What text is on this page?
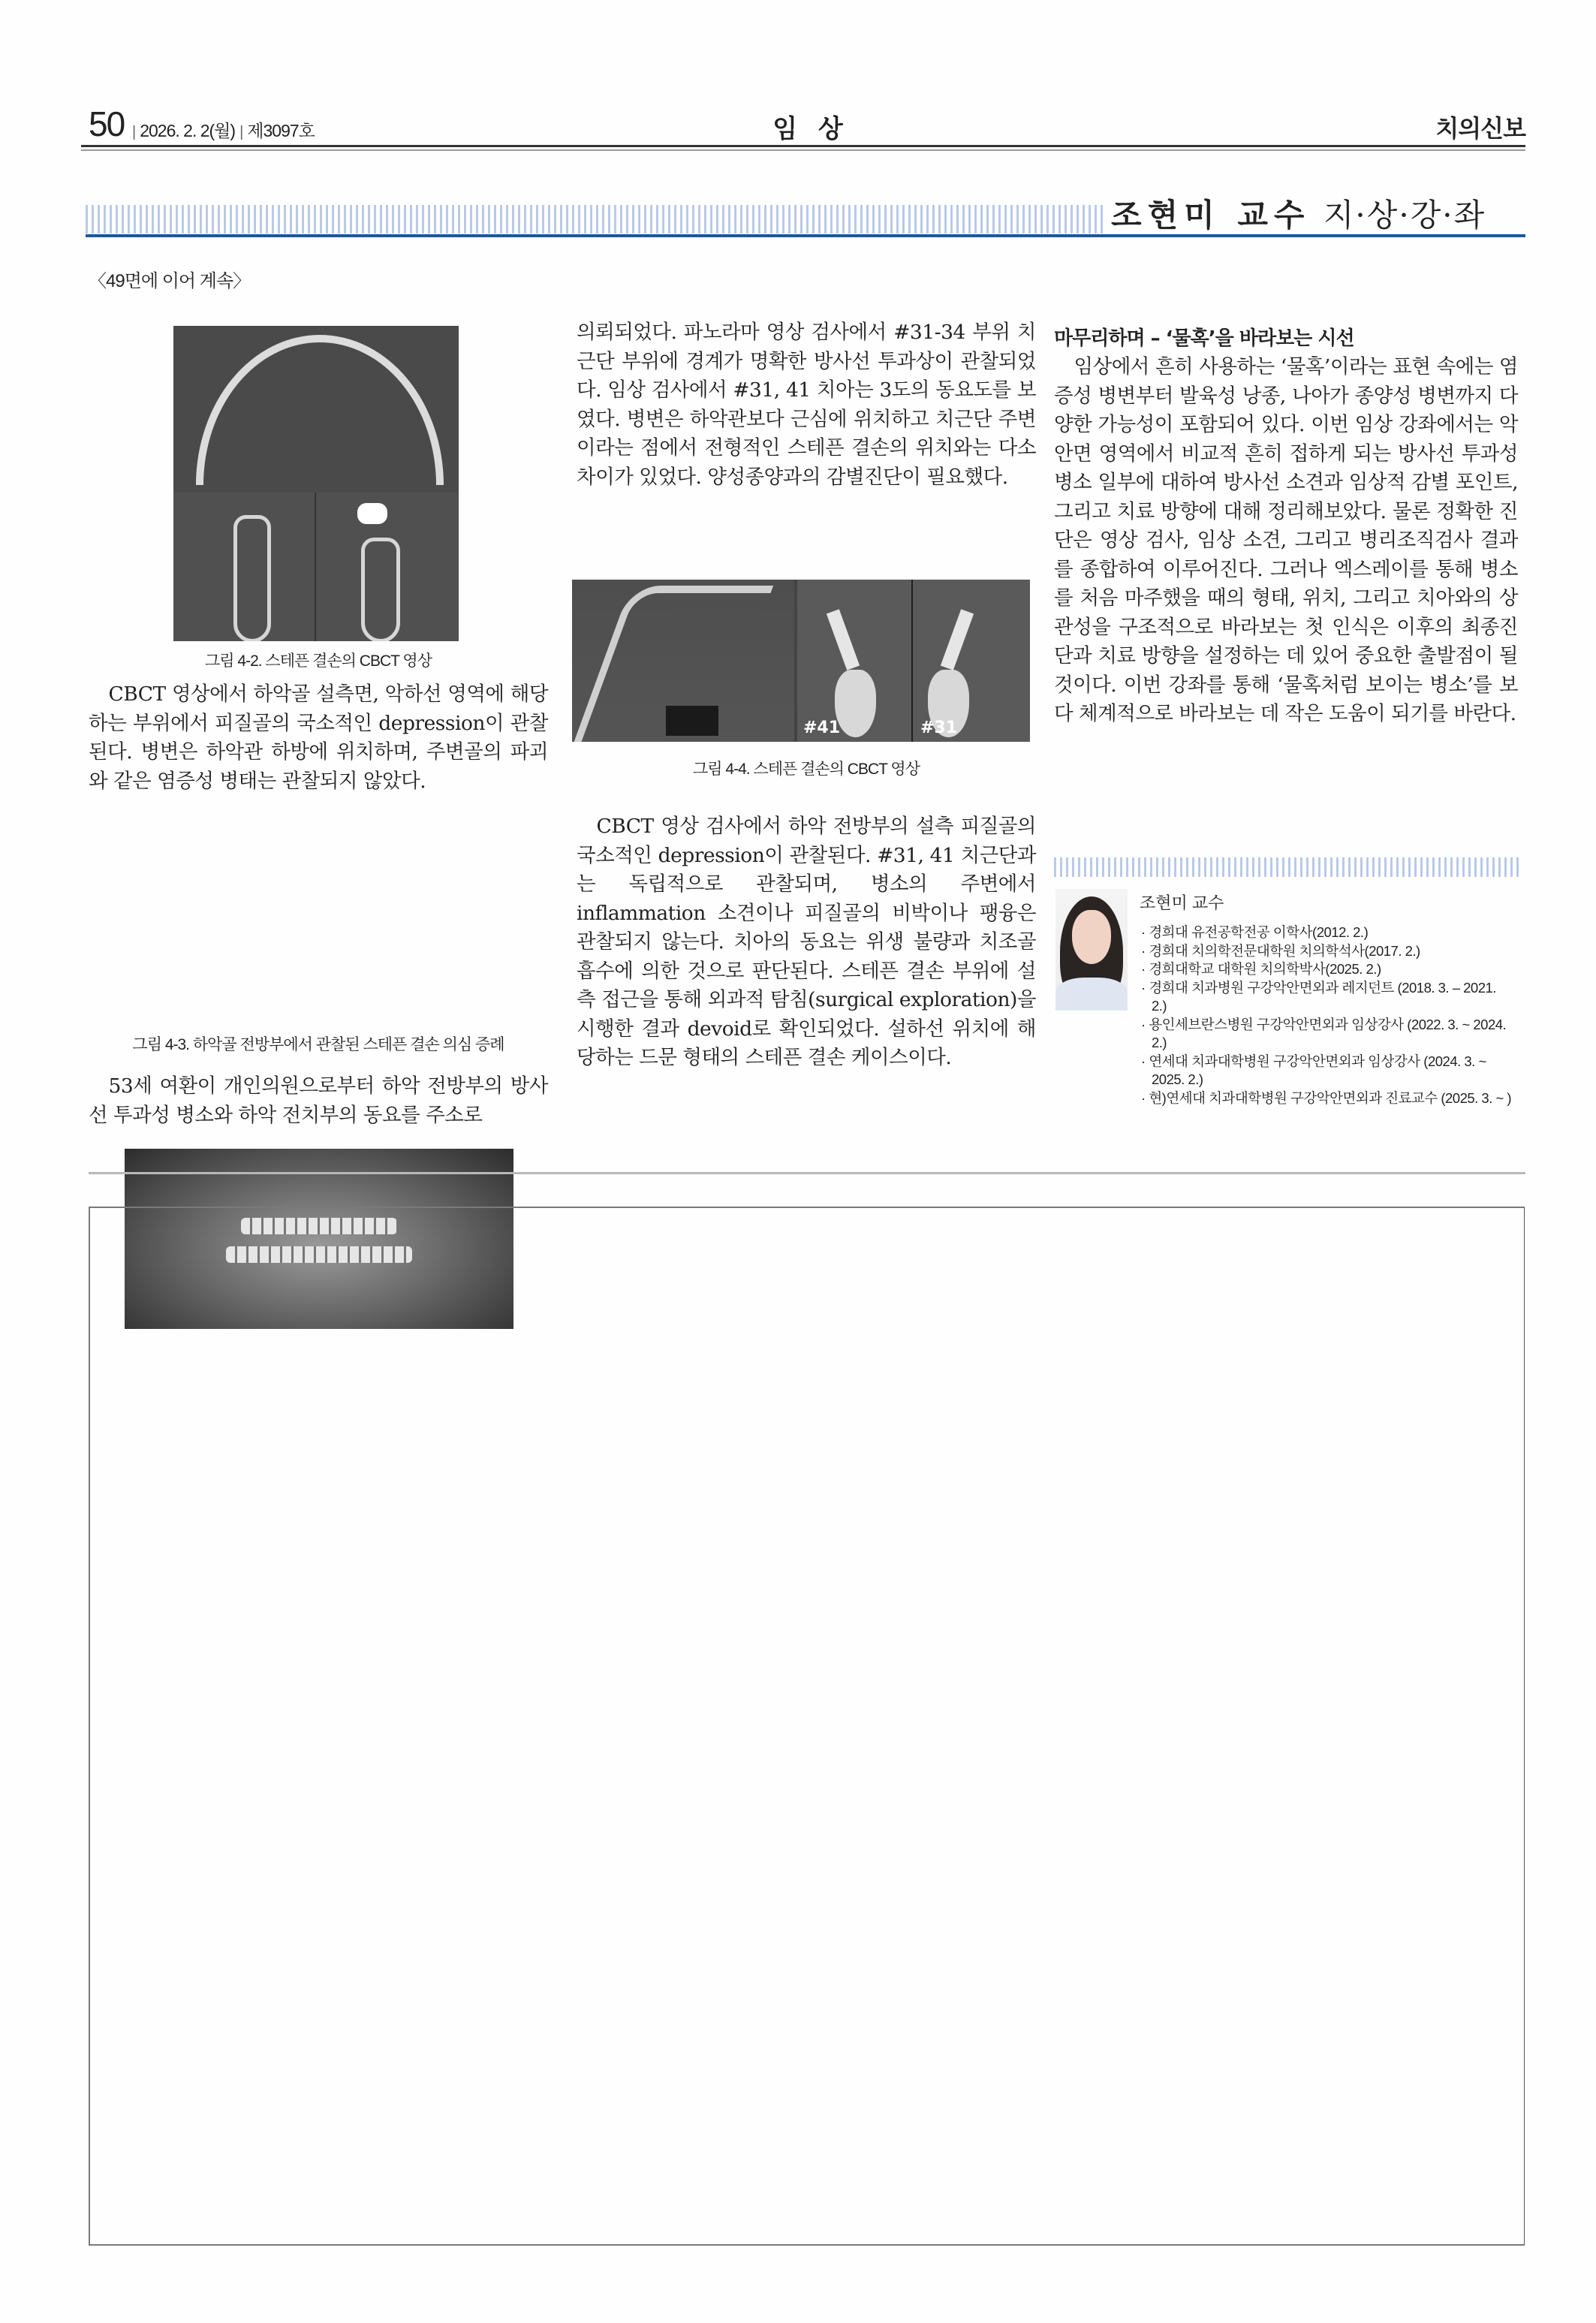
50 | 2026. 2. 2(월) | 제3097호	임 상	치의신보
조현미 교수 지·상·강·좌
〈49면에 이어 계속〉
그림 4-2. 스테픈 결손의 CBCT 영상

CBCT 영상에서 하악골 설측면, 악하선 영역에 해당하는 부위에서 피질골의 국소적인 depression이 관찰된다. 병변은 하악관 하방에 위치하며, 주변골의 파괴와 같은 염증성 병태는 관찰되지 않았다.

그림 4-3. 하악골 전방부에서 관찰된 스테픈 결손 의심 증례

53세 여환이 개인의원으로부터 하악 전방부의 방사선 투과성 병소와 하악 전치부의 동요를 주소로

의뢰되었다. 파노라마 영상 검사에서 #31-34 부위 치근단 부위에 경계가 명확한 방사선 투과상이 관찰되었다. 임상 검사에서 #31, 41 치아는 3도의 동요도를 보였다. 병변은 하악관보다 근심에 위치하고 치근단 주변이라는 점에서 전형적인 스테픈 결손의 위치와는 다소 차이가 있었다. 양성종양과의 감별진단이 필요했다.

#41	#31
그림 4-4. 스테픈 결손의 CBCT 영상

CBCT 영상 검사에서 하악 전방부의 설측 피질골의 국소적인 depression이 관찰된다. #31, 41 치근단과는 독립적으로 관찰되며, 병소의 주변에서 inflammation 소견이나 피질골의 비박이나 팽융은 관찰되지 않는다. 치아의 동요는 위생 불량과 치조골 흡수에 의한 것으로 판단된다. 스테픈 결손 부위에 설측 접근을 통해 외과적 탐침(surgical exploration)을 시행한 결과 devoid로 확인되었다. 설하선 위치에 해당하는 드문 형태의 스테픈 결손 케이스이다.

마무리하며 – ‘물혹’을 바라보는 시선

임상에서 흔히 사용하는 ‘물혹’이라는 표현 속에는 염증성 병변부터 발육성 낭종, 나아가 종양성 병변까지 다양한 가능성이 포함되어 있다. 이번 임상 강좌에서는 악안면 영역에서 비교적 흔히 접하게 되는 방사선 투과성 병소 일부에 대하여 방사선 소견과 임상적 감별 포인트, 그리고 치료 방향에 대해 정리해보았다. 물론 정확한 진단은 영상 검사, 임상 소견, 그리고 병리조직검사 결과를 종합하여 이루어진다. 그러나 엑스레이를 통해 병소를 처음 마주했을 때의 형태, 위치, 그리고 치아와의 상관성을 구조적으로 바라보는 첫 인식은 이후의 최종진단과 치료 방향을 설정하는 데 있어 중요한 출발점이 될 것이다. 이번 강좌를 통해 ‘물혹처럼 보이는 병소’를 보다 체계적으로 바라보는 데 작은 도움이 되기를 바란다.

조현미 교수
· 경희대 유전공학전공 이학사(2012. 2.)
· 경희대 치의학전문대학원 치의학석사(2017. 2.)
· 경희대학교 대학원 치의학박사(2025. 2.)
· 경희대 치과병원 구강악안면외과 레지던트 (2018. 3. – 2021. 2.)
· 용인세브란스병원 구강악안면외과 임상강사 (2022. 3. ~ 2024. 2.)
· 연세대 치과대학병원 구강악안면외과 임상강사 (2024. 3. ~ 2025. 2.)
· 현)연세대 치과대학병원 구강악안면외과 진료교수 (2025. 3. ~ )
